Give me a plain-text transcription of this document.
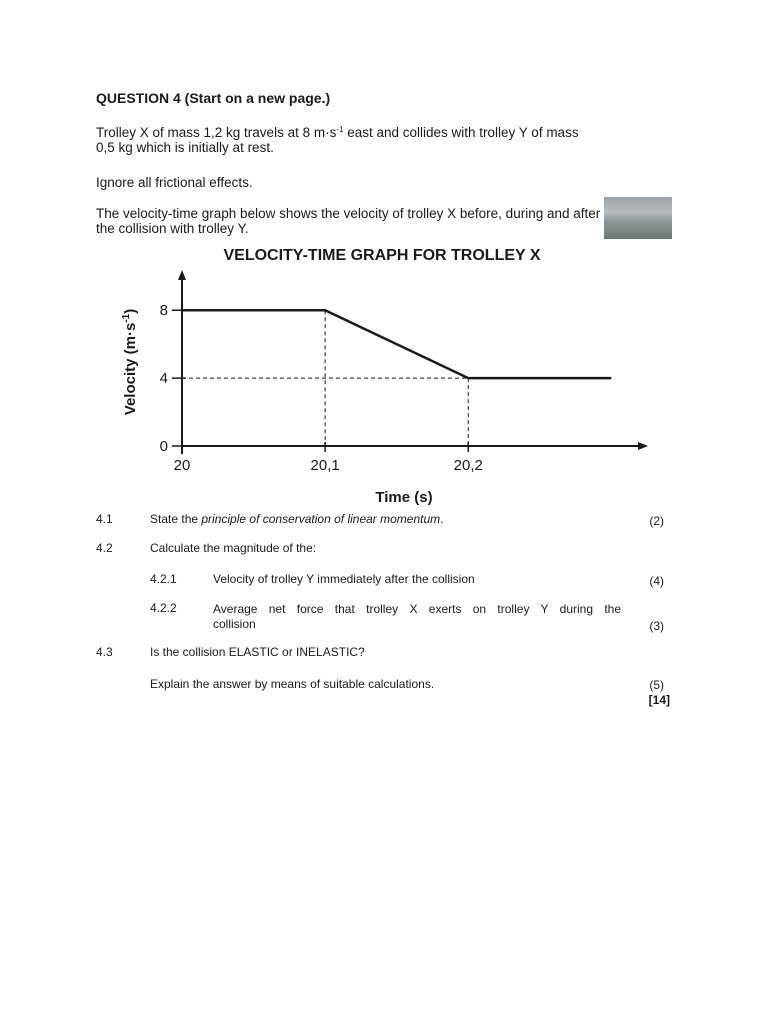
QUESTION 4 (Start on a new page.)
Trolley X of mass 1,2 kg travels at 8 $m\cdot s^{-1}$ east and collides with trolley Y of mass
0,5 kg which is initially at rest.
Ignore all frictional effects.
The velocity-time graph below shows the velocity of trolley X before, during and after
the collision with trolley Y.
VELOCITY-TIME GRAPH FOR TROLLEY X
20	20,1	20,2
0
4
8
Time (s)
Velocity $(m\cdot s^{-1})$
4.1	State the principle of conservation of linear momentum.	(2)
4.2	Calculate the magnitude of the:
4.2.1	Velocity of trolley Y immediately after the collision	(4)
4.2.2	Average net force that trolley X exerts on trolley Y during the
collision	(3)
4.3	Is the collision ELASTIC or INELASTIC?
Explain the answer by means of suitable calculations.	(5)
[14]
